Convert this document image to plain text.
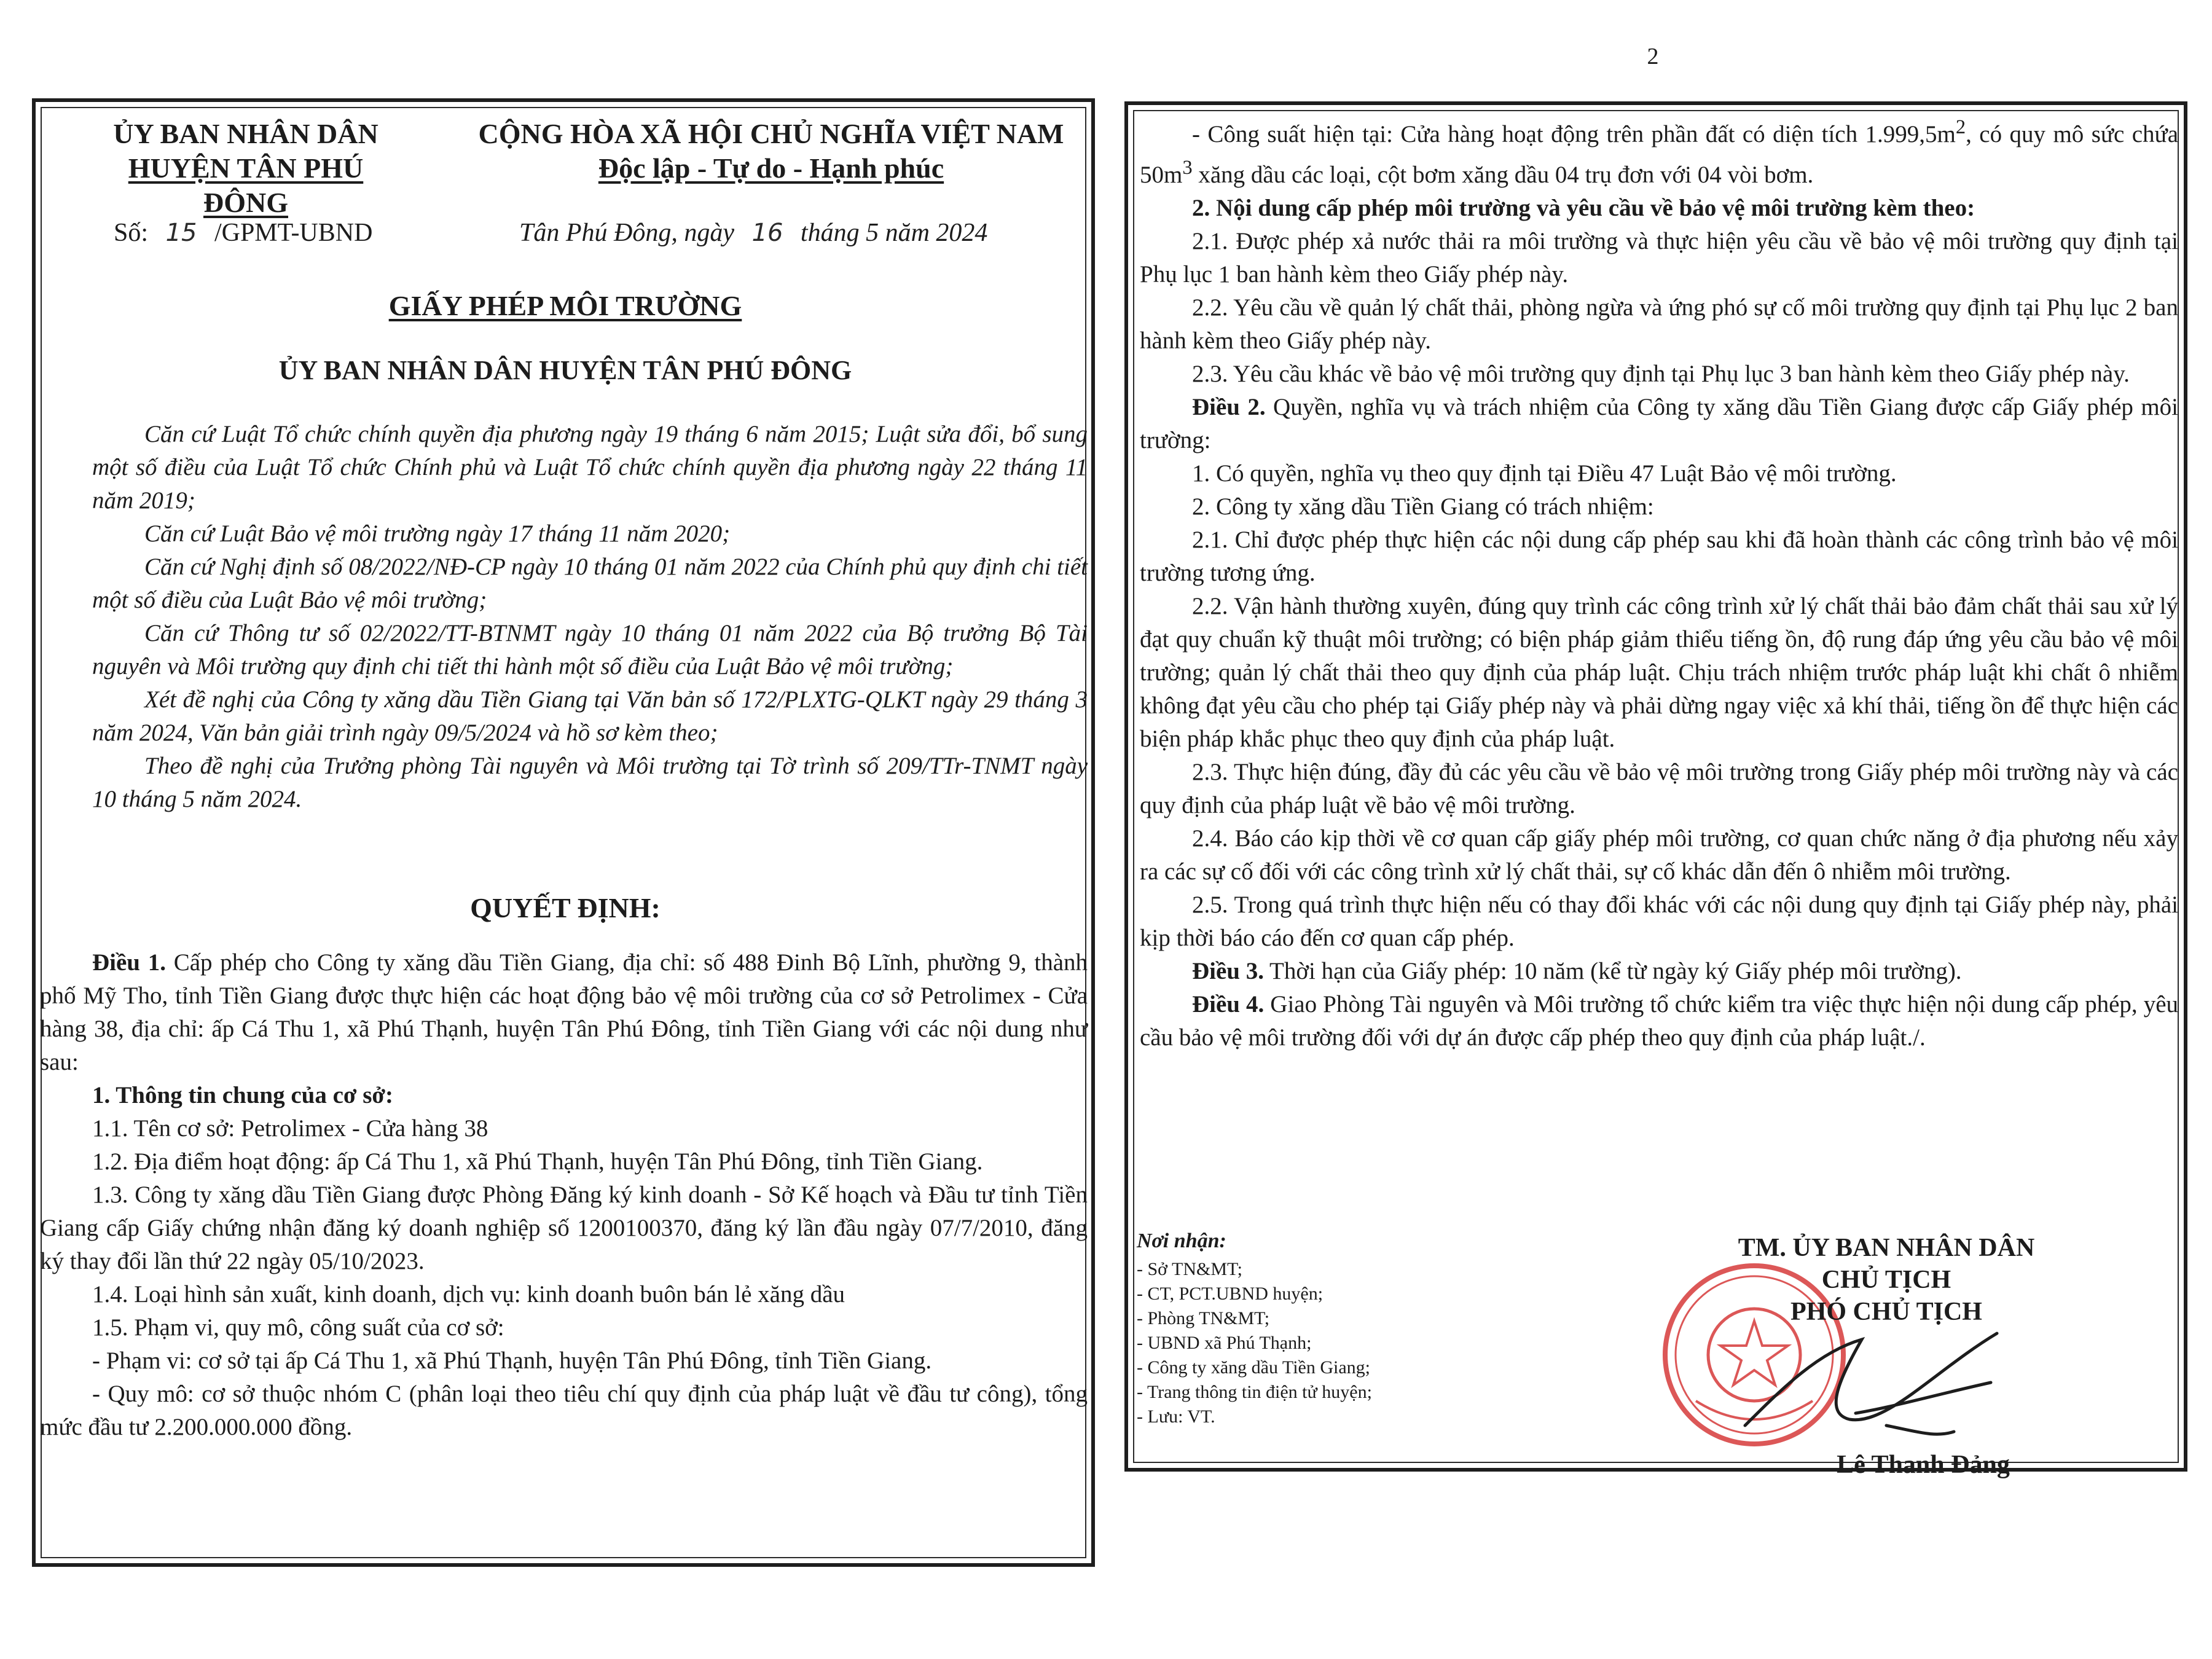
ỦY BAN NHÂN DÂN
HUYỆN TÂN PHÚ ĐÔNG
CỘNG HÒA XÃ HỘI CHỦ NGHĨA VIỆT NAM
Độc lập - Tự do - Hạnh phúc
Số: 15 /GPMT-UBND	Tân Phú Đông, ngày 16 tháng 5 năm 2024
GIẤY PHÉP MÔI TRƯỜNG
ỦY BAN NHÂN DÂN HUYỆN TÂN PHÚ ĐÔNG

Căn cứ Luật Tổ chức chính quyền địa phương ngày 19 tháng 6 năm 2015; Luật sửa đổi, bổ sung một số điều của Luật Tổ chức Chính phủ và Luật Tổ chức chính quyền địa phương ngày 22 tháng 11 năm 2019;

Căn cứ Luật Bảo vệ môi trường ngày 17 tháng 11 năm 2020;

Căn cứ Nghị định số 08/2022/NĐ-CP ngày 10 tháng 01 năm 2022 của Chính phủ quy định chi tiết một số điều của Luật Bảo vệ môi trường;

Căn cứ Thông tư số 02/2022/TT-BTNMT ngày 10 tháng 01 năm 2022 của Bộ trưởng Bộ Tài nguyên và Môi trường quy định chi tiết thi hành một số điều của Luật Bảo vệ môi trường;

Xét đề nghị của Công ty xăng dầu Tiền Giang tại Văn bản số 172/PLXTG-QLKT ngày 29 tháng 3 năm 2024, Văn bản giải trình ngày 09/5/2024 và hồ sơ kèm theo;

Theo đề nghị của Trưởng phòng Tài nguyên và Môi trường tại Tờ trình số 209/TTr-TNMT ngày 10 tháng 5 năm 2024.

QUYẾT ĐỊNH:

Điều 1. Cấp phép cho Công ty xăng dầu Tiền Giang, địa chỉ: số 488 Đinh Bộ Lĩnh, phường 9, thành phố Mỹ Tho, tỉnh Tiền Giang được thực hiện các hoạt động bảo vệ môi trường của cơ sở Petrolimex - Cửa hàng 38, địa chỉ: ấp Cá Thu 1, xã Phú Thạnh, huyện Tân Phú Đông, tỉnh Tiền Giang với các nội dung như sau:

1. Thông tin chung của cơ sở:

1.1. Tên cơ sở: Petrolimex - Cửa hàng 38

1.2. Địa điểm hoạt động: ấp Cá Thu 1, xã Phú Thạnh, huyện Tân Phú Đông, tỉnh Tiền Giang.

1.3. Công ty xăng dầu Tiền Giang được Phòng Đăng ký kinh doanh - Sở Kế hoạch và Đầu tư tỉnh Tiền Giang cấp Giấy chứng nhận đăng ký doanh nghiệp số 1200100370, đăng ký lần đầu ngày 07/7/2010, đăng ký thay đổi lần thứ 22 ngày 05/10/2023.

1.4. Loại hình sản xuất, kinh doanh, dịch vụ: kinh doanh buôn bán lẻ xăng dầu

1.5. Phạm vi, quy mô, công suất của cơ sở:

- Phạm vi: cơ sở tại ấp Cá Thu 1, xã Phú Thạnh, huyện Tân Phú Đông, tỉnh Tiền Giang.

- Quy mô: cơ sở thuộc nhóm C (phân loại theo tiêu chí quy định của pháp luật về đầu tư công), tổng mức đầu tư 2.200.000.000 đồng.

2

- Công suất hiện tại: Cửa hàng hoạt động trên phần đất có diện tích $1.999,5m^2$, có quy mô sức chứa $50m^3$ xăng dầu các loại, cột bơm xăng dầu 04 trụ đơn với 04 vòi bơm.

2. Nội dung cấp phép môi trường và yêu cầu về bảo vệ môi trường kèm theo:

2.1. Được phép xả nước thải ra môi trường và thực hiện yêu cầu về bảo vệ môi trường quy định tại Phụ lục 1 ban hành kèm theo Giấy phép này.

2.2. Yêu cầu về quản lý chất thải, phòng ngừa và ứng phó sự cố môi trường quy định tại Phụ lục 2 ban hành kèm theo Giấy phép này.

2.3. Yêu cầu khác về bảo vệ môi trường quy định tại Phụ lục 3 ban hành kèm theo Giấy phép này.

Điều 2. Quyền, nghĩa vụ và trách nhiệm của Công ty xăng dầu Tiền Giang được cấp Giấy phép môi trường:

1. Có quyền, nghĩa vụ theo quy định tại Điều 47 Luật Bảo vệ môi trường.

2. Công ty xăng dầu Tiền Giang có trách nhiệm:

2.1. Chỉ được phép thực hiện các nội dung cấp phép sau khi đã hoàn thành các công trình bảo vệ môi trường tương ứng.

2.2. Vận hành thường xuyên, đúng quy trình các công trình xử lý chất thải bảo đảm chất thải sau xử lý đạt quy chuẩn kỹ thuật môi trường; có biện pháp giảm thiểu tiếng ồn, độ rung đáp ứng yêu cầu bảo vệ môi trường; quản lý chất thải theo quy định của pháp luật. Chịu trách nhiệm trước pháp luật khi chất ô nhiễm không đạt yêu cầu cho phép tại Giấy phép này và phải dừng ngay việc xả khí thải, tiếng ồn để thực hiện các biện pháp khắc phục theo quy định của pháp luật.

2.3. Thực hiện đúng, đầy đủ các yêu cầu về bảo vệ môi trường trong Giấy phép môi trường này và các quy định của pháp luật về bảo vệ môi trường.

2.4. Báo cáo kịp thời về cơ quan cấp giấy phép môi trường, cơ quan chức năng ở địa phương nếu xảy ra các sự cố đối với các công trình xử lý chất thải, sự cố khác dẫn đến ô nhiễm môi trường.

2.5. Trong quá trình thực hiện nếu có thay đổi khác với các nội dung quy định tại Giấy phép này, phải kịp thời báo cáo đến cơ quan cấp phép.

Điều 3. Thời hạn của Giấy phép: 10 năm (kể từ ngày ký Giấy phép môi trường).

Điều 4. Giao Phòng Tài nguyên và Môi trường tổ chức kiểm tra việc thực hiện nội dung cấp phép, yêu cầu bảo vệ môi trường đối với dự án được cấp phép theo quy định của pháp luật./.

Nơi nhận:
- Sở TN&MT;
- CT, PCT.UBND huyện;
- Phòng TN&MT;
- UBND xã Phú Thạnh;
- Công ty xăng dầu Tiền Giang;
- Trang thông tin điện tử huyện;
- Lưu: VT.
TM. ỦY BAN NHÂN DÂN
CHỦ TỊCH
PHÓ CHỦ TỊCH
Lê Thanh Đảng
